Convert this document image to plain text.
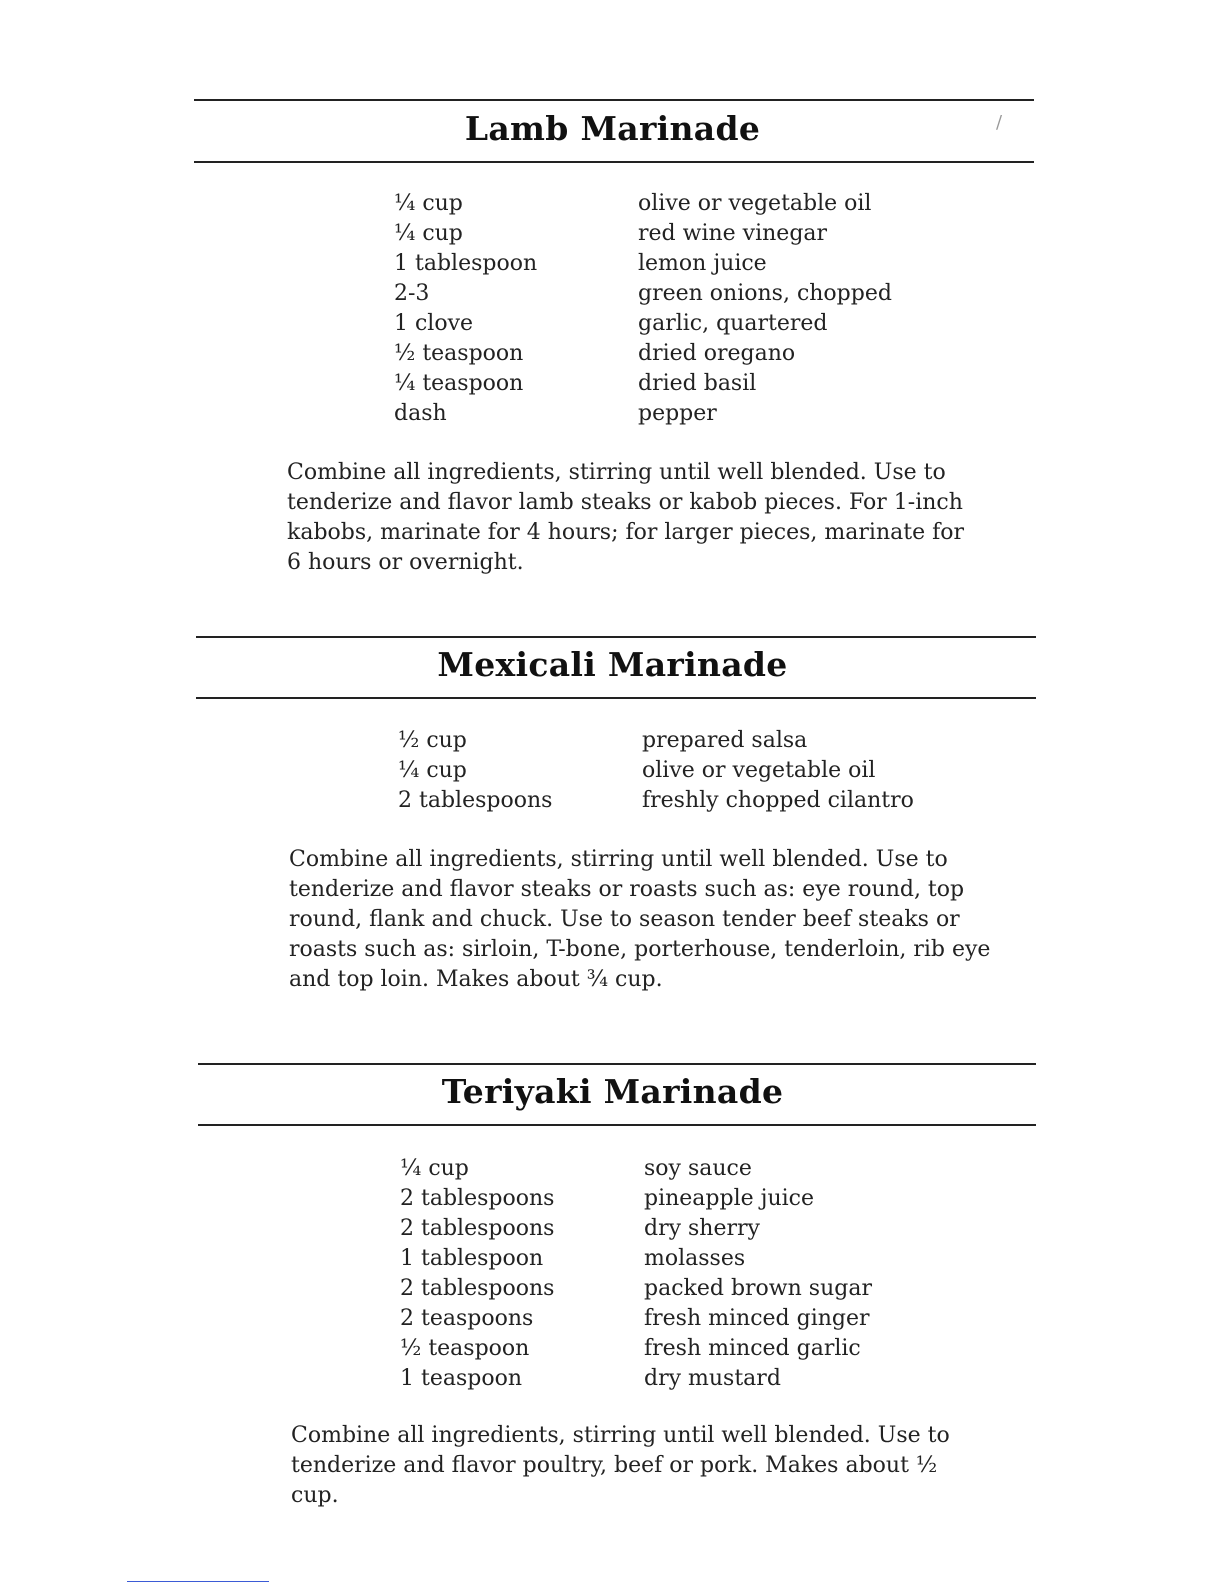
Lamb Marinade
¼ cup	olive or vegetable oil
¼ cup	red wine vinegar
1 tablespoon	lemon juice
2-3	green onions, chopped
1 clove	garlic, quartered
½ teaspoon	dried oregano
¼ teaspoon	dried basil
dash	pepper

Combine all ingredients, stirring until well blended. Use to tenderize and flavor lamb steaks or kabob pieces. For 1-inch kabobs, marinate for 4 hours; for larger pieces, marinate for 6 hours or overnight.

Mexicali Marinade
½ cup	prepared salsa
¼ cup	olive or vegetable oil
2 tablespoons	freshly chopped cilantro

Combine all ingredients, stirring until well blended. Use to tenderize and flavor steaks or roasts such as: eye round, top round, flank and chuck. Use to season tender beef steaks or roasts such as: sirloin, T-bone, porterhouse, tenderloin, rib eye and top loin. Makes about ¾ cup.

Teriyaki Marinade
¼ cup	soy sauce
2 tablespoons	pineapple juice
2 tablespoons	dry sherry
1 tablespoon	molasses
2 tablespoons	packed brown sugar
2 teaspoons	fresh minced ginger
½ teaspoon	fresh minced garlic
1 teaspoon	dry mustard

Combine all ingredients, stirring until well blended. Use to tenderize and flavor poultry, beef or pork. Makes about ½ cup.

/
